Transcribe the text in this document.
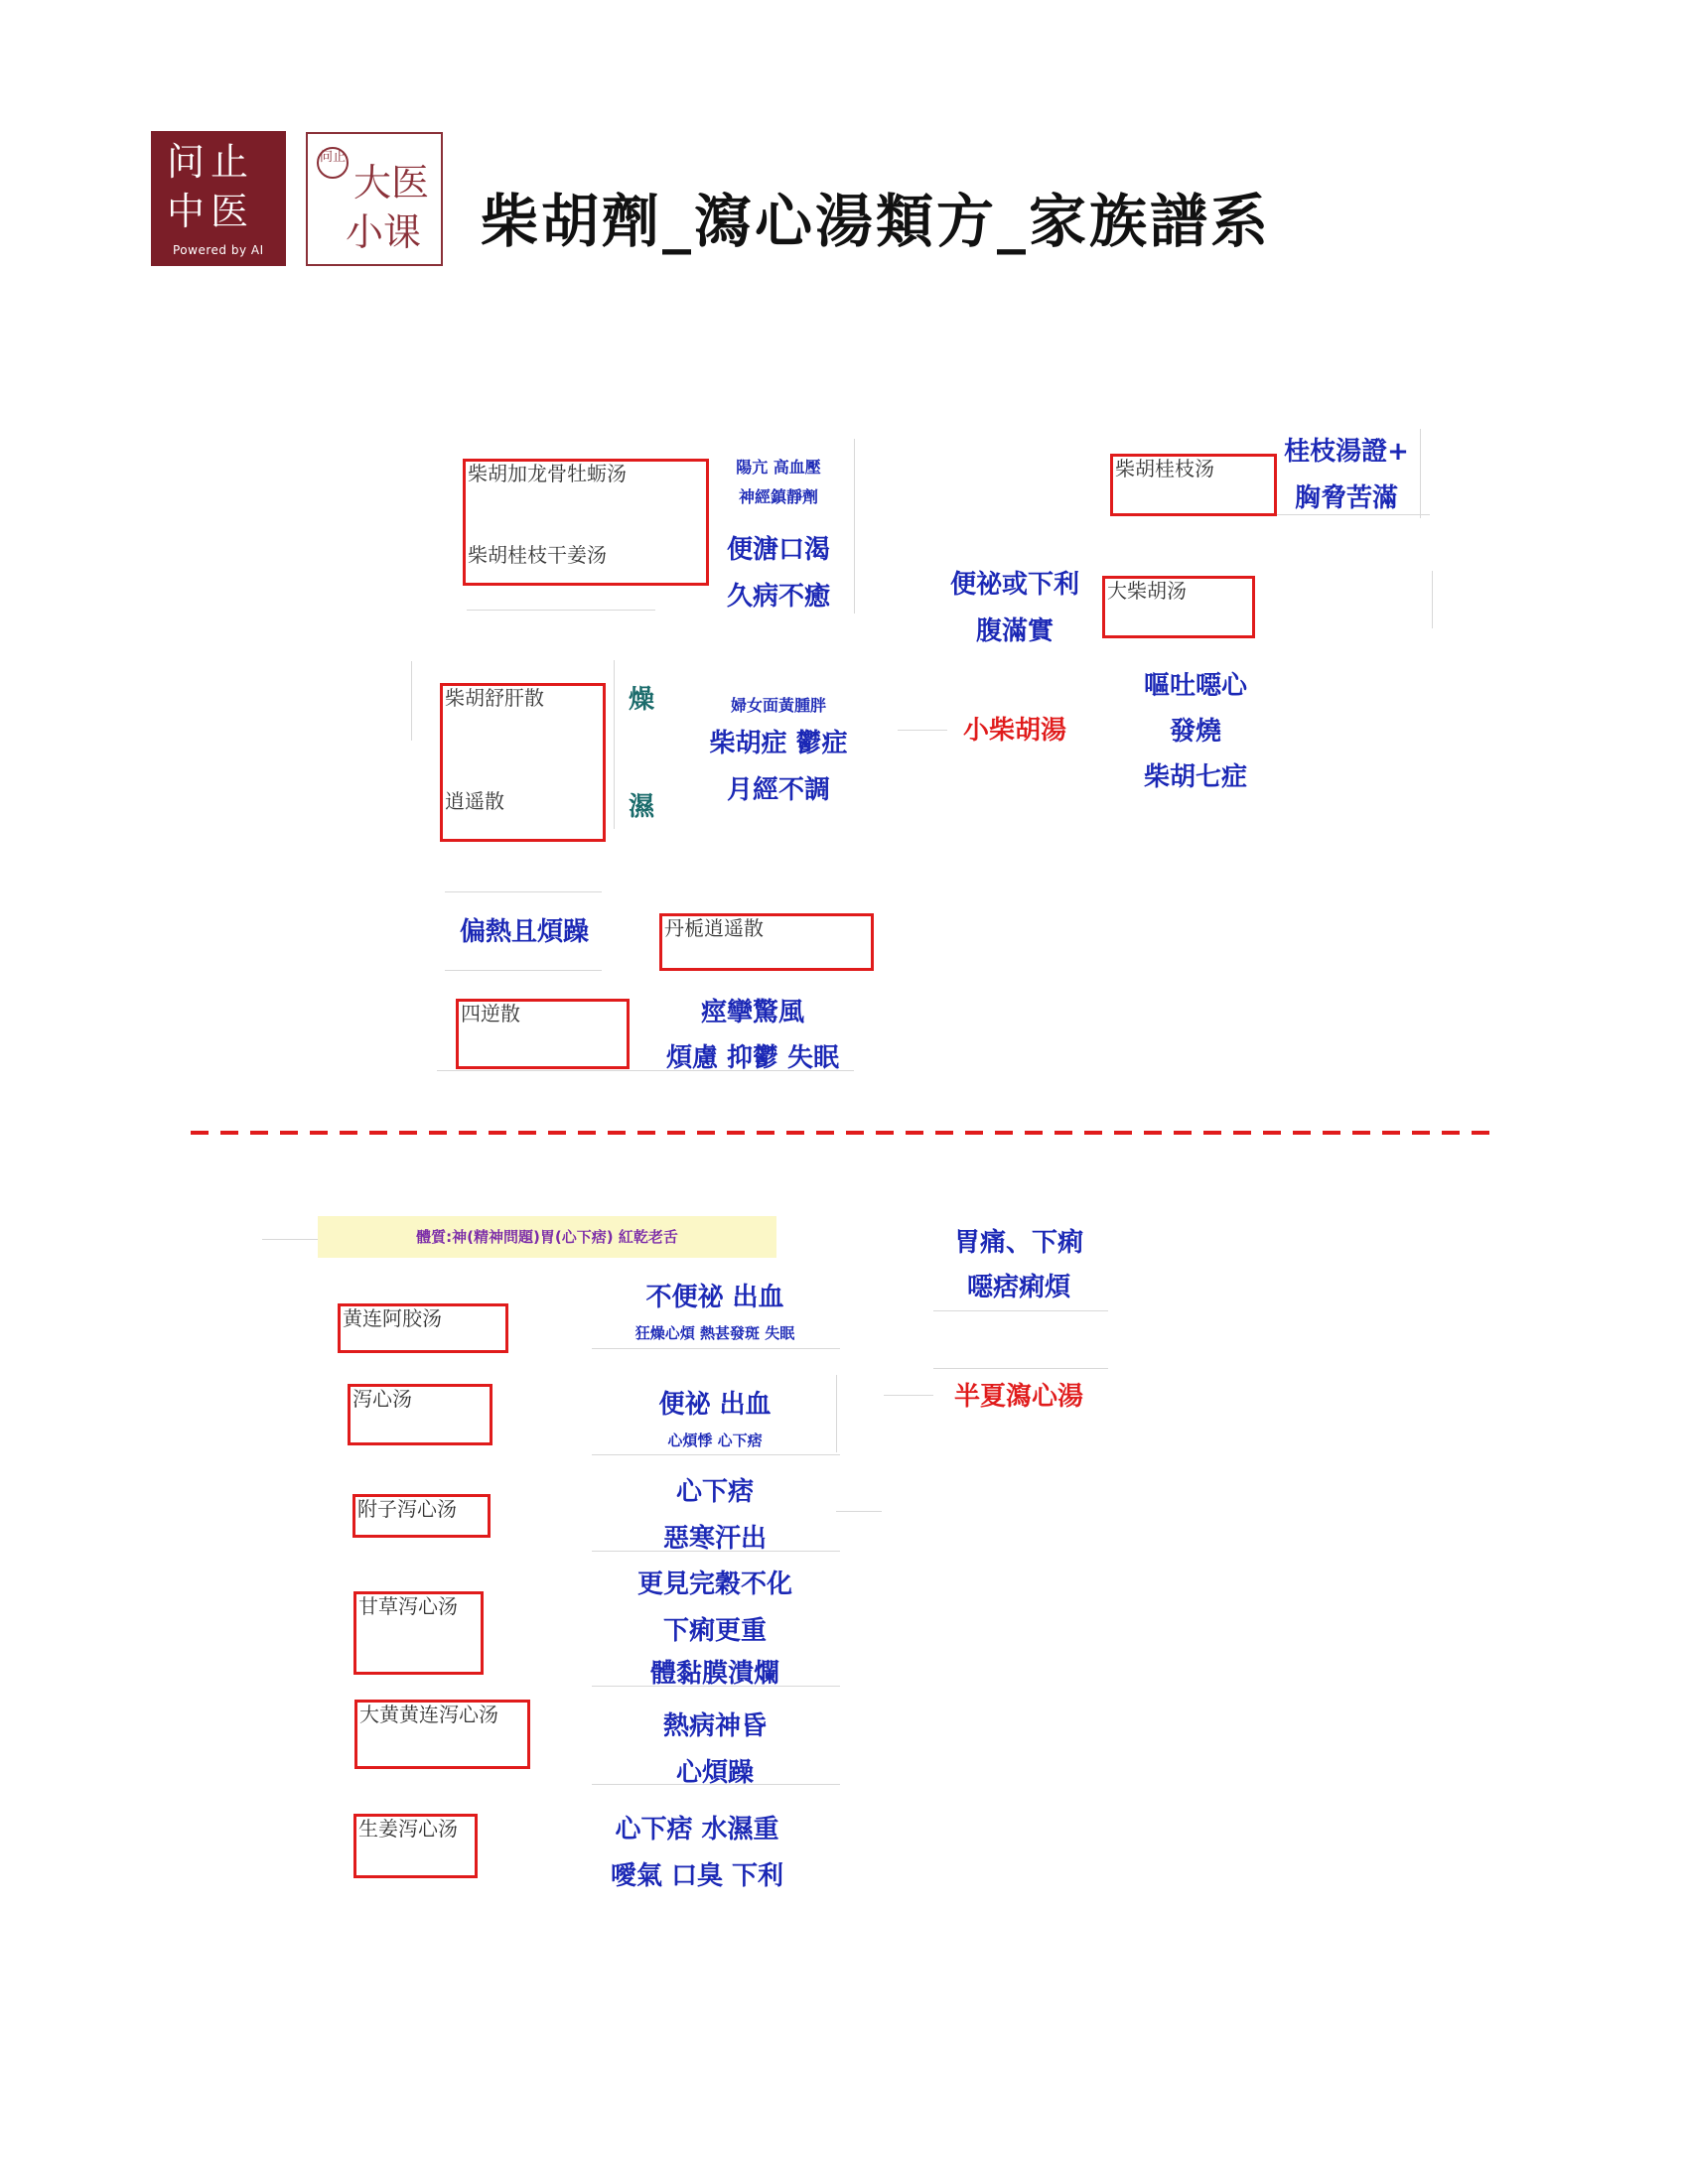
问止
中医
Powered by AI
问止
大医
小课 柴胡劑_瀉心湯類方_家族譜系
柴胡加龙骨牡蛎汤
柴胡桂枝干姜汤
陽亢 高血壓
神經鎮靜劑
便溏口渴
久病不癒
柴胡桂枝汤
桂枝湯證+
胸脅苦滿
便祕或下利
腹滿實
大柴胡汤
柴胡舒肝散
逍遥散
燥
濕
婦女面黃腫胖
柴胡症 鬱症
月經不調
小柴胡湯
嘔吐噁心
發燒
柴胡七症
偏熱且煩躁	丹栀逍遥散
四逆散	痙攣驚風
煩慮 抑鬱 失眠
體質:神(精神問題)胃(心下痞) 紅乾老舌	胃痛、下痢
噁痞痢煩
半夏瀉心湯
黄连阿胶汤
不便祕 出血
狂燥心煩 熱甚發斑 失眠
泻心汤	便祕 出血
心煩悸 心下痞
附子泻心汤
心下痞
惡寒汗出
甘草泻心汤
更見完穀不化
下痢更重
體黏膜潰爛
大黄黄连泻心汤	熱病神昏
心煩躁
生姜泻心汤	心下痞 水濕重
噯氣 口臭 下利
